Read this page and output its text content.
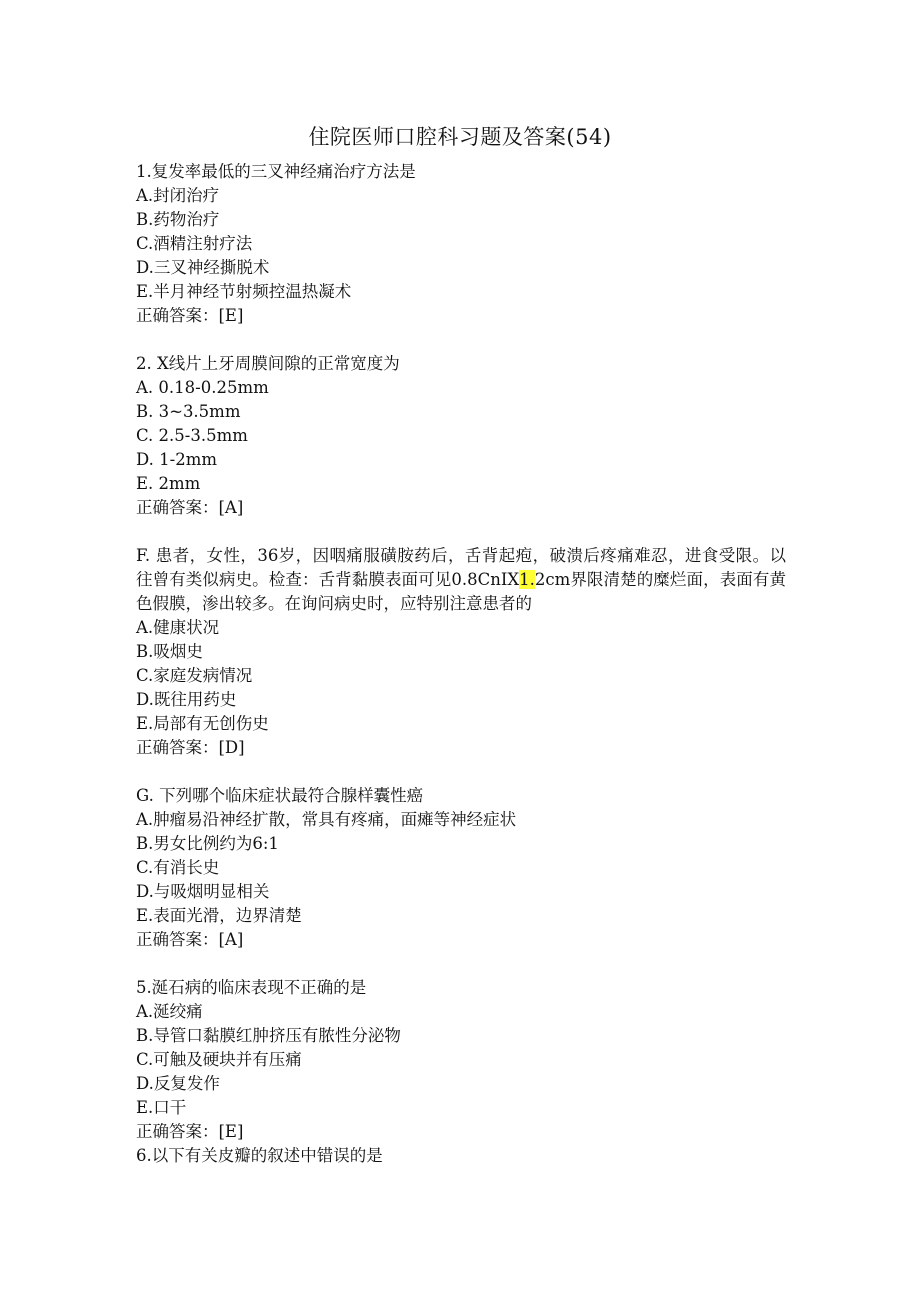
住院医师口腔科习题及答案(54)
1.复发率最低的三叉神经痛治疗方法是
A.封闭治疗
B.药物治疗
C.酒精注射疗法
D.三叉神经撕脱术
E.半月神经节射频控温热凝术
正确答案：[E]
2. X线片上牙周膜间隙的正常宽度为
A. 0.18-0.25mm
B. 3~3.5mm
C. 2.5-3.5mm
D. 1-2mm
E. 2mm
正确答案：[A]
F. 患者，女性，36岁，因咽痛服磺胺药后，舌背起疱，破溃后疼痛难忍，进食受限。以往曾有类似病史。检查：舌背黏膜表面可见0.8CnIX1.2cm界限清楚的糜烂面，表面有黄色假膜，渗出较多。在询问病史时，应特别注意患者的
A.健康状况
B.吸烟史
C.家庭发病情况
D.既往用药史
E.局部有无创伤史
正确答案：[D]
G. 下列哪个临床症状最符合腺样囊性癌
A.肿瘤易沿神经扩散，常具有疼痛，面瘫等神经症状
B.男女比例约为6:1
C.有消长史
D.与吸烟明显相关
E.表面光滑，边界清楚
正确答案：[A]
5.涎石病的临床表现不正确的是
A.涎绞痛
B.导管口黏膜红肿挤压有脓性分泌物
C.可触及硬块并有压痛
D.反复发作
E.口干
正确答案：[E]
6.以下有关皮瓣的叙述中错误的是
